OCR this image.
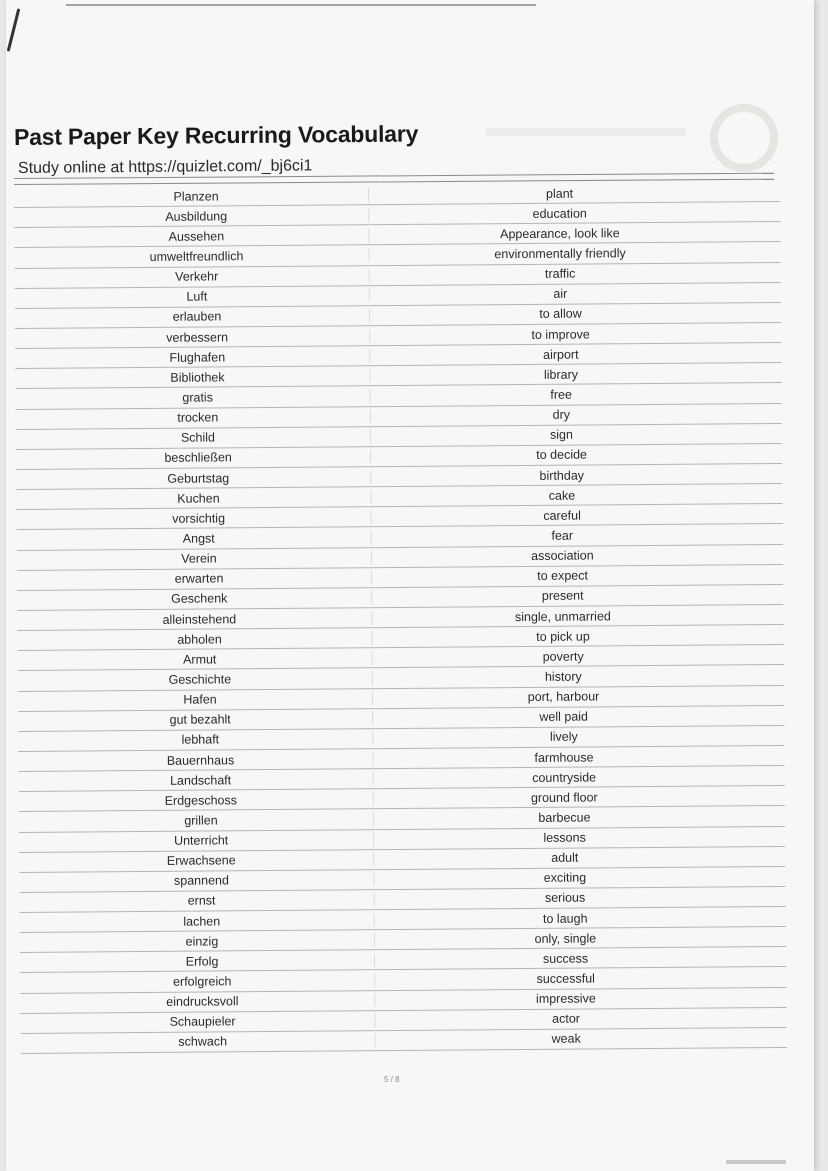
Past Paper Key Recurring Vocabulary
Study online at https://quizlet.com/_bj6ci1
Planzen	plant
Ausbildung	education
Aussehen	Appearance, look like
umweltfreundlich	environmentally friendly
Verkehr	traffic
Luft	air
erlauben	to allow
verbessern	to improve
Flughafen	airport
Bibliothek	library
gratis	free
trocken	dry
Schild	sign
beschließen	to decide
Geburtstag	birthday
Kuchen	cake
vorsichtig	careful
Angst	fear
Verein	association
erwarten	to expect
Geschenk	present
alleinstehend	single, unmarried
abholen	to pick up
Armut	poverty
Geschichte	history
Hafen	port, harbour
gut bezahlt	well paid
lebhaft	lively
Bauernhaus	farmhouse
Landschaft	countryside
Erdgeschoss	ground floor
grillen	barbecue
Unterricht	lessons
Erwachsene	adult
spannend	exciting
ernst	serious
lachen	to laugh
einzig	only, single
Erfolg	success
erfolgreich	successful
eindrucksvoll	impressive
Schaupieler	actor
schwach	weak
5 / 8
